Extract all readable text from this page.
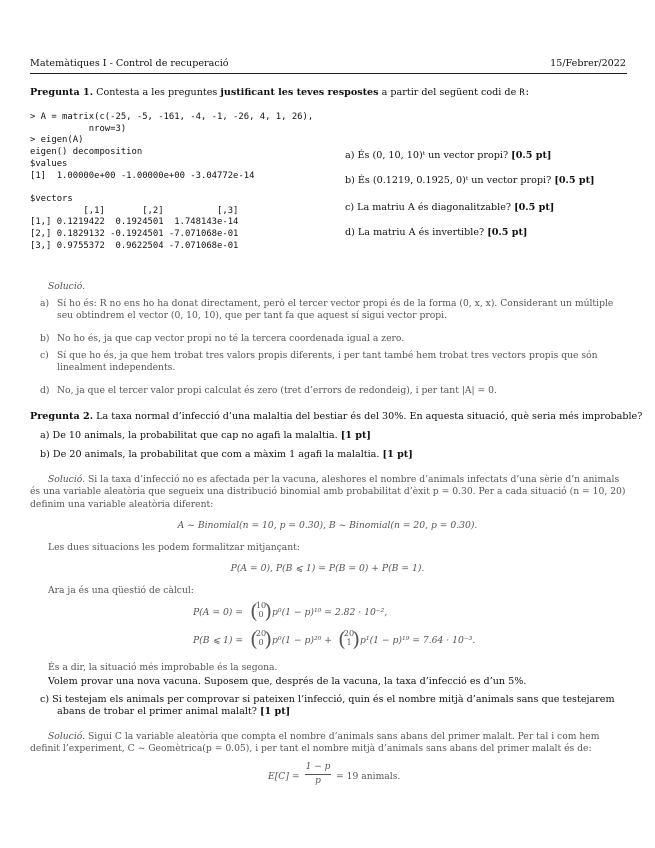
Matemàtiques I - Control de recuperació	15/Febrer/2022
Pregunta 1. Contesta a les preguntes justificant les teves respostes a partir del següent codi de R:
> A = matrix(c(-25, -5, -161, -4, -1, -26, 4, 1, 26),
nrow=3)
> eigen(A)
eigen() decomposition
$values
[1]  1.00000e+00 -1.00000e+00 -3.04772e-14

$vectors
[,1]       [,2]          [,3]
[1,] 0.1219422  0.1924501  1.748143e-14
[2,] 0.1829132 -0.1924501 -7.071068e-01
[3,] 0.9755372  0.9622504 -7.071068e-01
a) És (0, 10, 10)ᵗ un vector propi? [0.5 pt]
b) És (0.1219, 0.1925, 0)ᵗ un vector propi? [0.5 pt]
c) La matriu A és diagonalitzable? [0.5 pt]
d) La matriu A és invertible? [0.5 pt]
Solució.
a) Sí ho és: R no ens ho ha donat directament, però el tercer vector propi és de la forma (0, x, x). Considerant un múltiple seu obtindrem el vector (0, 10, 10), que per tant fa que aquest sí sigui vector propi.
b) No ho és, ja que cap vector propi no té la tercera coordenada igual a zero.
c) Sí que ho és, ja que hem trobat tres valors propis diferents, i per tant també hem trobat tres vectors propis que són linealment independents.
d) No, ja que el tercer valor propi calculat és zero (tret d’errors de redondeig), i per tant |A| = 0.
Pregunta 2. La taxa normal d’infecció d’una malaltia del bestiar és del 30%. En aquesta situació, què seria més improbable?
a) De 10 animals, la probabilitat que cap no agafi la malaltia. [1 pt]
b) De 20 animals, la probabilitat que com a màxim 1 agafi la malaltia. [1 pt]
Solució. Si la taxa d’infecció no es afectada per la vacuna, aleshores el nombre d’animals infectats d’una sèrie d’n animals és una variable aleatòria que segueix una distribució binomial amb probabilitat d’èxit p = 0.30. Per a cada situació (n = 10, 20) definim una variable aleatòria diferent:
A ~ Binomial(n = 10, p = 0.30), B ~ Binomial(n = 20, p = 0.30).
Les dues situacions les podem formalitzar mitjançant:
P(A = 0), P(B ⩽ 1) = P(B = 0) + P(B = 1).
Ara ja és una qüestió de càlcul:
P(A = 0) = (
10
0 ) p⁰(1 − p)¹⁰ = 2.82 · 10⁻²,
P(B ⩽ 1) = (
20
0 ) p⁰(1 − p)²⁰ + (
20
1 ) p¹(1 − p)¹⁹ = 7.64 · 10⁻³.
És a dir, la situació més improbable és la segona.
Volem provar una nova vacuna. Suposem que, després de la vacuna, la taxa d’infecció es d’un 5%.
c) Si testejam els animals per comprovar si pateixen l’infecció, quin és el nombre mitjà d’animals sans que testejarem abans de trobar el primer animal malalt? [1 pt]
Solució. Sigui C la variable aleatòria que compta el nombre d’animals sans abans del primer malalt. Per tal i com hem definit l’experiment, C ~ Geomètrica(p = 0.05), i per tant el nombre mitjà d’animals sans abans del primer malalt és de:
E[C] =
1 − p
p	= 19 animals.
